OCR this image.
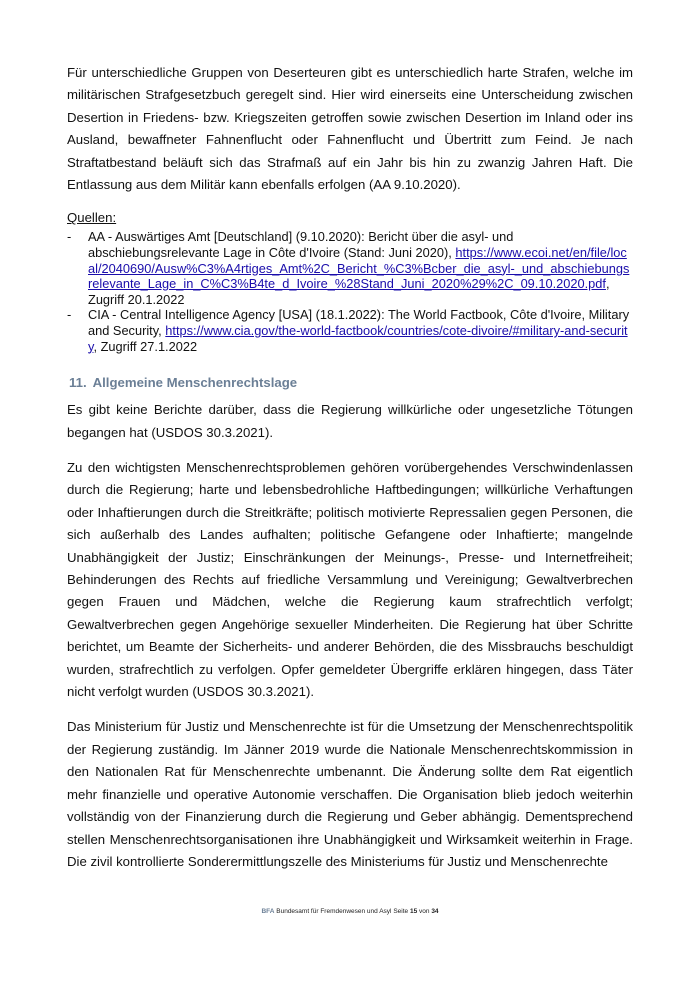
Für unterschiedliche Gruppen von Deserteuren gibt es unterschiedlich harte Strafen, welche im militärischen Strafgesetzbuch geregelt sind. Hier wird einerseits eine Unterscheidung zwischen Desertion in Friedens- bzw. Kriegszeiten getroffen sowie zwischen Desertion im Inland oder ins Ausland, bewaffneter Fahnenflucht oder Fahnenflucht und Übertritt zum Feind. Je nach Straftatbestand beläuft sich das Strafmaß auf ein Jahr bis hin zu zwanzig Jahren Haft. Die Entlassung aus dem Militär kann ebenfalls erfolgen (AA 9.10.2020).

Quellen:
- AA - Auswärtiges Amt [Deutschland] (9.10.2020): Bericht über die asyl- und abschiebungsrelevante Lage in Côte d'Ivoire (Stand: Juni 2020), https://www.ecoi.net/en/file/local/2040690/Ausw%C3%A4rtiges_Amt%2C_Bericht_%C3%Bcber_die_asyl-_und_abschiebungsrelevante_Lage_in_C%C3%B4te_d_Ivoire_%28Stand_Juni_2020%29%2C_09.10.2020.pdf, Zugriff 20.1.2022
- CIA - Central Intelligence Agency [USA] (18.1.2022): The World Factbook, Côte d'Ivoire, Military and Security, https://www.cia.gov/the-world-factbook/countries/cote-divoire/#military-and-security, Zugriff 27.1.2022
11. Allgemeine Menschenrechtslage

Es gibt keine Berichte darüber, dass die Regierung willkürliche oder ungesetzliche Tötungen begangen hat (USDOS 30.3.2021).

Zu den wichtigsten Menschenrechtsproblemen gehören vorübergehendes Verschwindenlassen durch die Regierung; harte und lebensbedrohliche Haftbedingungen; willkürliche Verhaftungen oder Inhaftierungen durch die Streitkräfte; politisch motivierte Repressalien gegen Personen, die sich außerhalb des Landes aufhalten; politische Gefangene oder Inhaftierte; mangelnde Unabhängigkeit der Justiz; Einschränkungen der Meinungs-, Presse- und Internetfreiheit; Behinderungen des Rechts auf friedliche Versammlung und Vereinigung; Gewaltverbrechen gegen Frauen und Mädchen, welche die Regierung kaum strafrechtlich verfolgt; Gewaltverbrechen gegen Angehörige sexueller Minderheiten. Die Regierung hat über Schritte berichtet, um Beamte der Sicherheits- und anderer Behörden, die des Missbrauchs beschuldigt wurden, strafrechtlich zu verfolgen. Opfer gemeldeter Übergriffe erklären hingegen, dass Täter nicht verfolgt wurden (USDOS 30.3.2021).

Das Ministerium für Justiz und Menschenrechte ist für die Umsetzung der Menschenrechtspolitik der Regierung zuständig. Im Jänner 2019 wurde die Nationale Menschenrechtskommission in den Nationalen Rat für Menschenrechte umbenannt. Die Änderung sollte dem Rat eigentlich mehr finanzielle und operative Autonomie verschaffen. Die Organisation blieb jedoch weiterhin vollständig von der Finanzierung durch die Regierung und Geber abhängig. Dementsprechend stellen Menschenrechtsorganisationen ihre Unabhängigkeit und Wirksamkeit weiterhin in Frage. Die zivil kontrollierte Sonderermittlungszelle des Ministeriums für Justiz und Menschenrechte

BFA Bundesamt für Fremdenwesen und Asyl Seite 15 von 34
